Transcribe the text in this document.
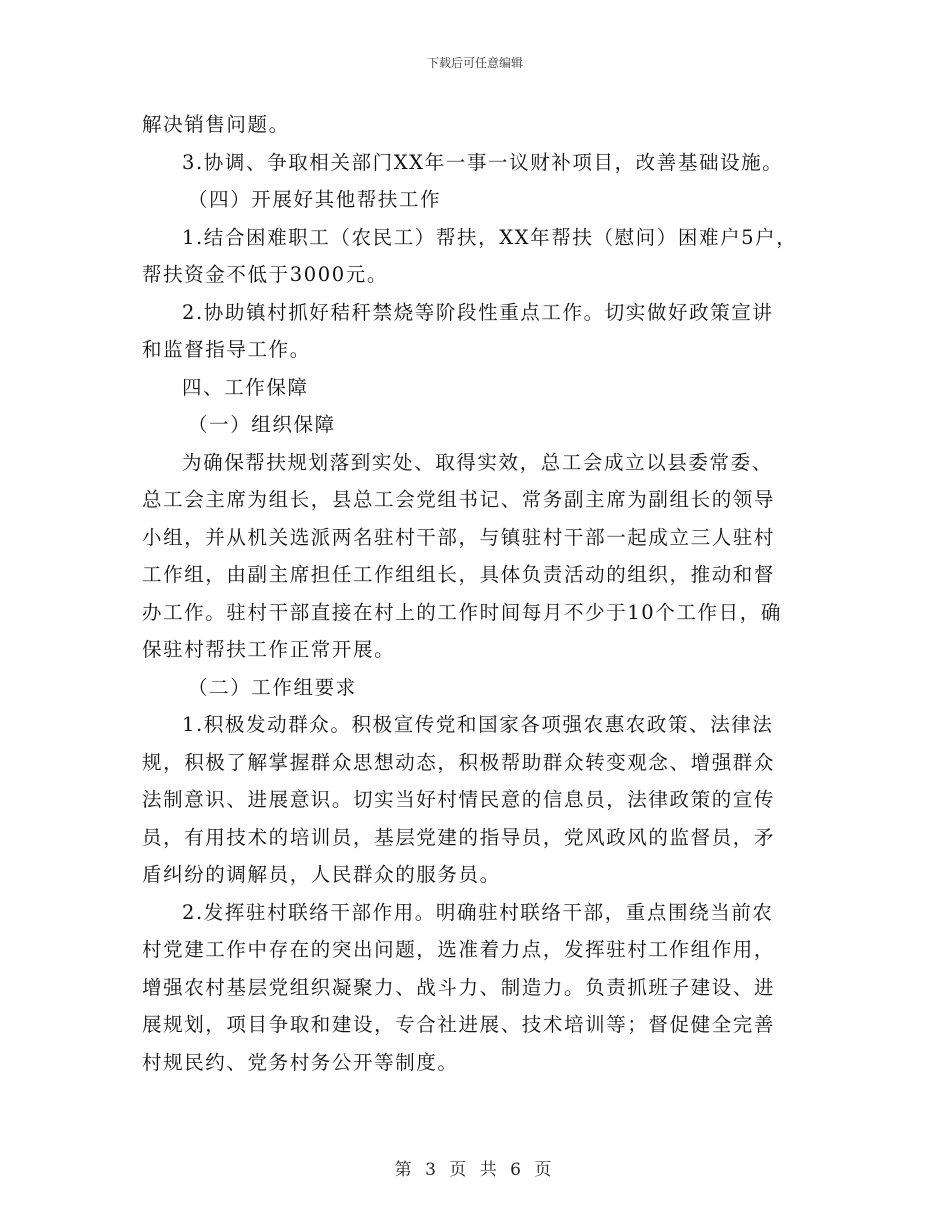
下载后可任意编辑
解决销售问题。
3.协调、争取相关部门XX年一事一议财补项目，改善基础设施。
（四）开展好其他帮扶工作
1.结合困难职工（农民工）帮扶，XX年帮扶（慰问）困难户5户，
帮扶资金不低于3000元。
2.协助镇村抓好秸秆禁烧等阶段性重点工作。切实做好政策宣讲
和监督指导工作。
四、工作保障
（一）组织保障
为确保帮扶规划落到实处、取得实效，总工会成立以县委常委、
总工会主席为组长，县总工会党组书记、常务副主席为副组长的领导
小组，并从机关选派两名驻村干部，与镇驻村干部一起成立三人驻村
工作组，由副主席担任工作组组长，具体负责活动的组织，推动和督
办工作。驻村干部直接在村上的工作时间每月不少于10个工作日，确
保驻村帮扶工作正常开展。
（二）工作组要求
1.积极发动群众。积极宣传党和国家各项强农惠农政策、法律法
规，积极了解掌握群众思想动态，积极帮助群众转变观念、增强群众
法制意识、进展意识。切实当好村情民意的信息员，法律政策的宣传
员，有用技术的培训员，基层党建的指导员，党风政风的监督员，矛
盾纠纷的调解员，人民群众的服务员。
2.发挥驻村联络干部作用。明确驻村联络干部，重点围绕当前农
村党建工作中存在的突出问题，选准着力点，发挥驻村工作组作用，
增强农村基层党组织凝聚力、战斗力、制造力。负责抓班子建设、进
展规划，项目争取和建设，专合社进展、技术培训等；督促健全完善
村规民约、党务村务公开等制度。
第 3 页 共 6 页
